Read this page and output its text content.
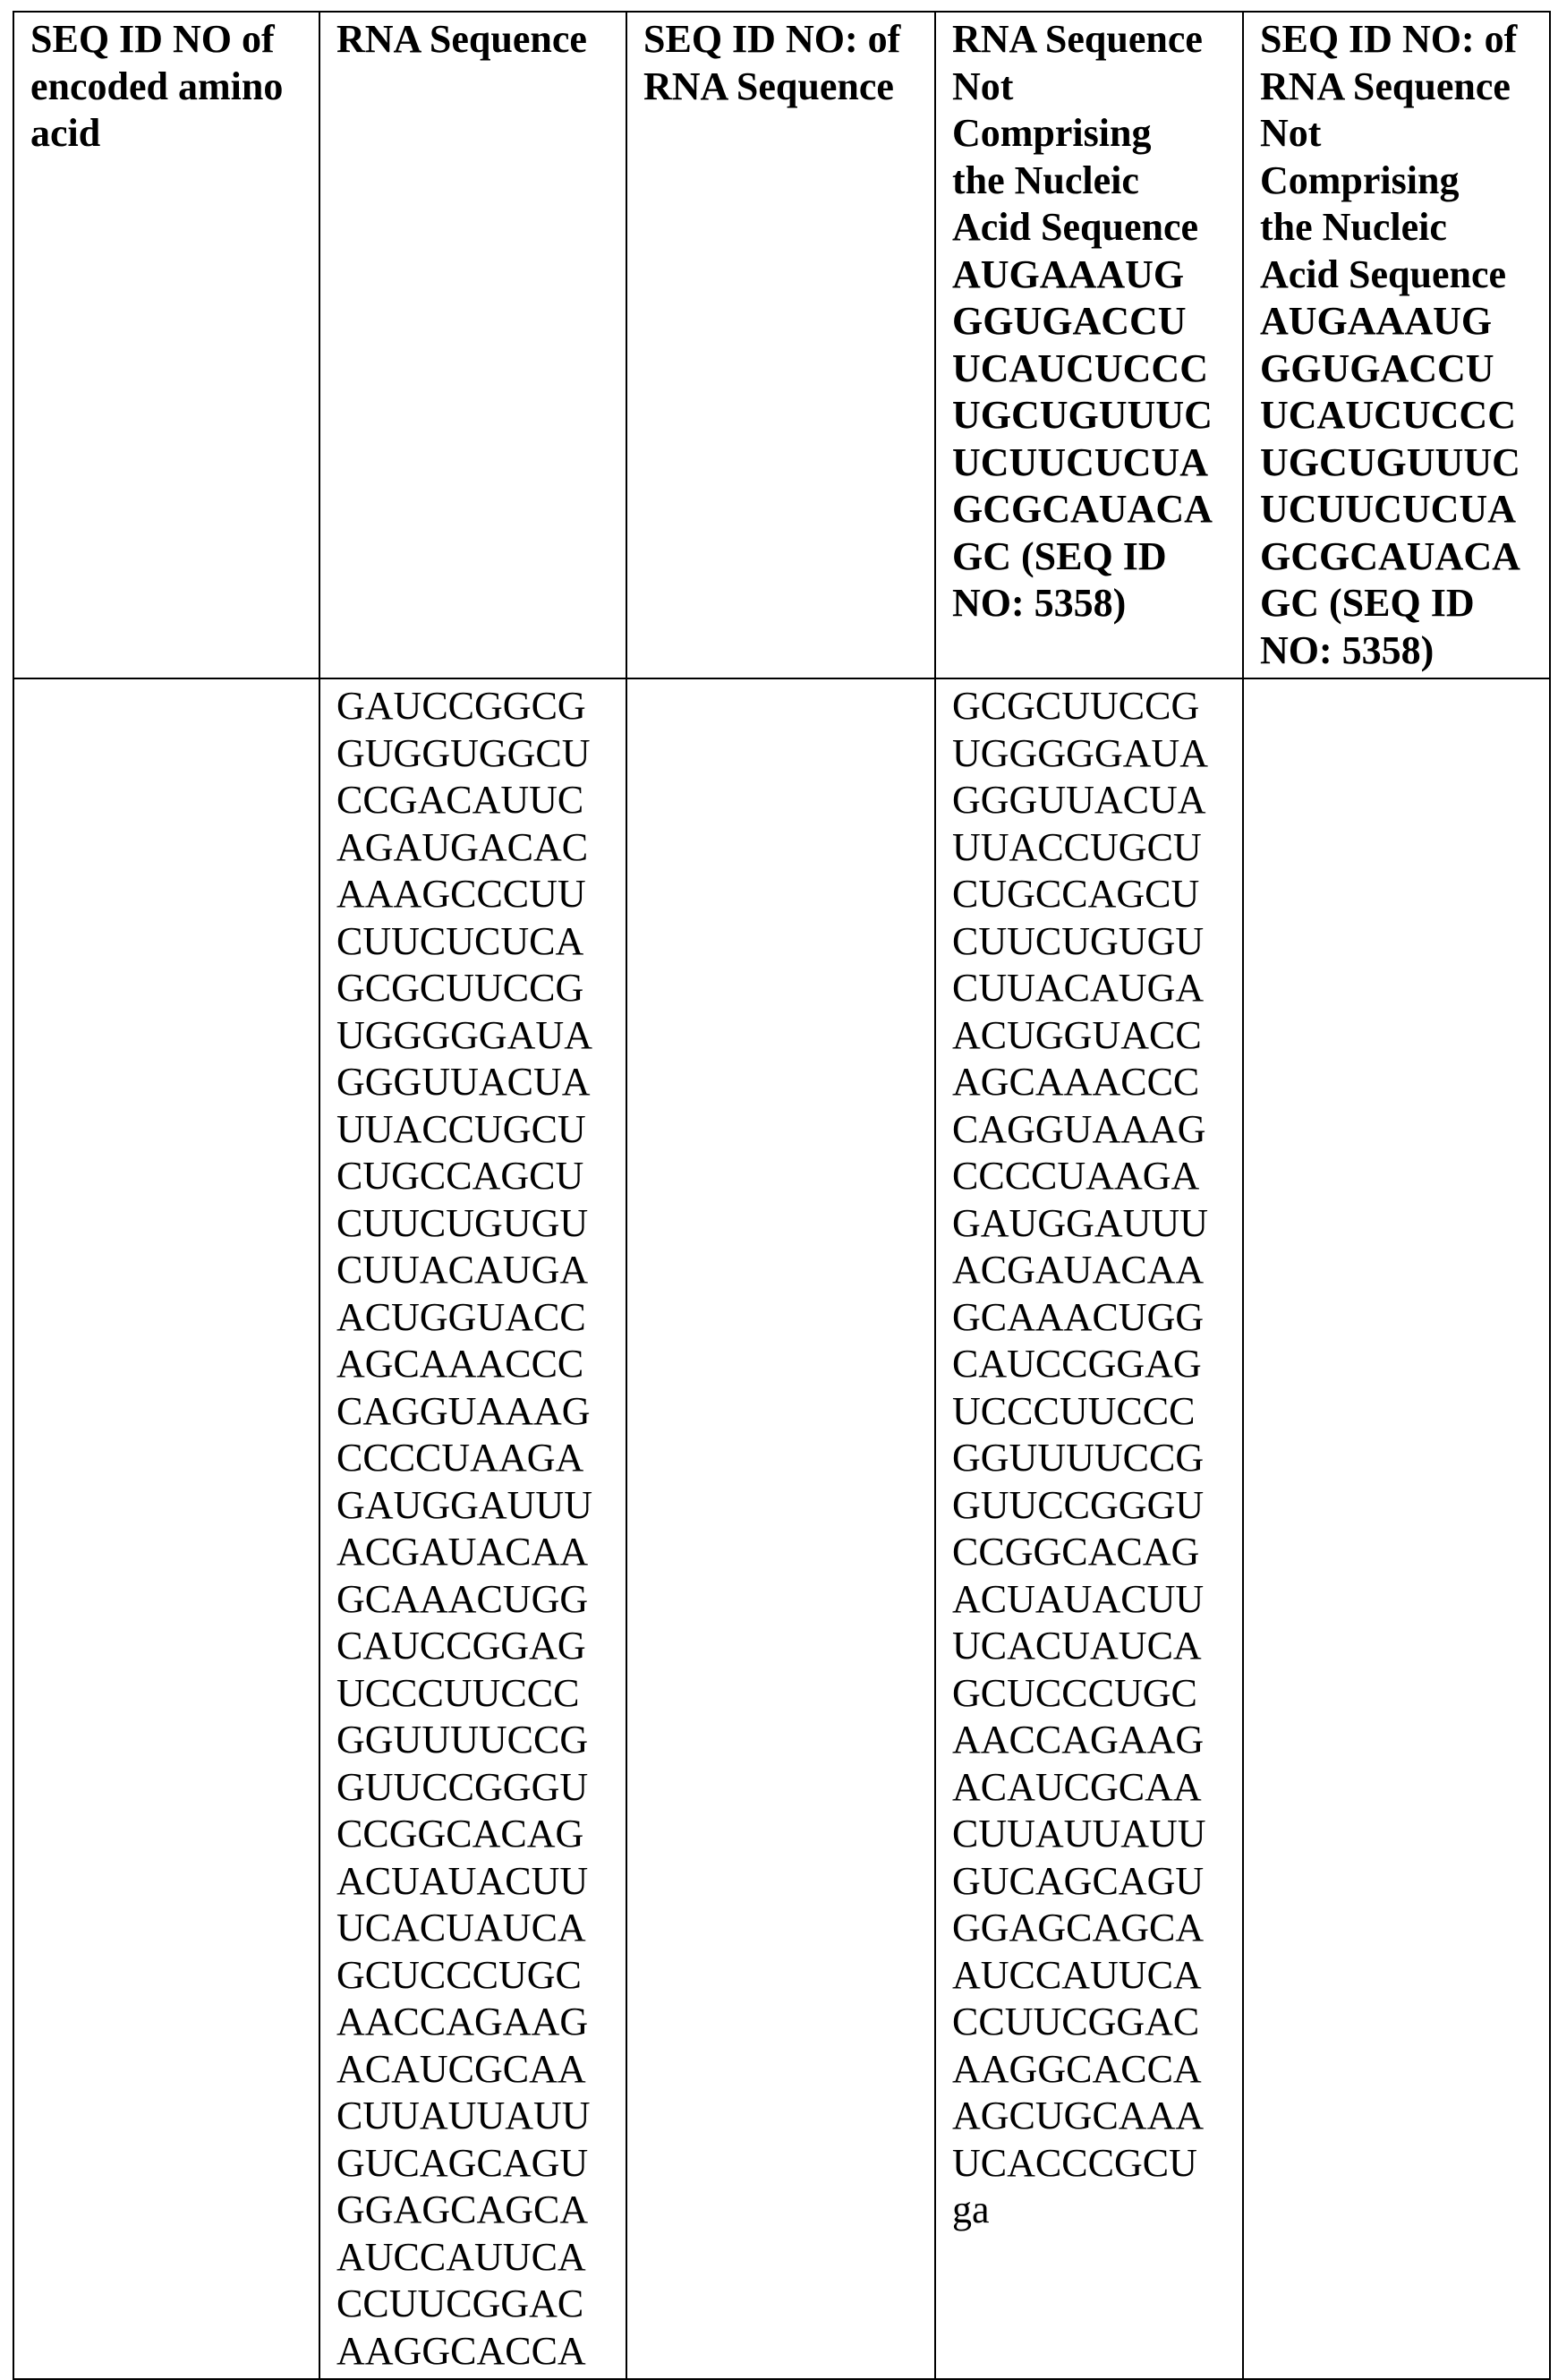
SEQ ID NO of
encoded amino
acid

RNA Sequence	SEQ ID NO: of
RNA Sequence

RNA Sequence
Not
Comprising
the Nucleic
Acid Sequence
AUGAAAUG
GGUGACCU
UCAUCUCCC
UGCUGUUUC
UCUUCUCUA
GCGCAUACA
GC (SEQ ID
NO: 5358)

SEQ ID NO: of
RNA Sequence
Not
Comprising
the Nucleic
Acid Sequence
AUGAAAUG
GGUGACCU
UCAUCUCCC
UGCUGUUUC
UCUUCUCUA
GCGCAUACA
GC (SEQ ID
NO: 5358)

GAUCCGGCG
GUGGUGGCU
CCGACAUUC
AGAUGACAC
AAAGCCCUU
CUUCUCUCA
GCGCUUCCG
UGGGGGAUA
GGGUUACUA
UUACCUGCU
CUGCCAGCU
CUUCUGUGU
CUUACAUGA
ACUGGUACC
AGCAAACCC
CAGGUAAAG
CCCCUAAGA
GAUGGAUUU
ACGAUACAA
GCAAACUGG
CAUCCGGAG
UCCCUUCCC
GGUUUUCCG
GUUCCGGGU
CCGGCACAG
ACUAUACUU
UCACUAUCA
GCUCCCUGC
AACCAGAAG
ACAUCGCAA
CUUAUUAUU
GUCAGCAGU
GGAGCAGCA
AUCCAUUCA
CCUUCGGAC
AAGGCACCA

GCGCUUCCG
UGGGGGAUA
GGGUUACUA
UUACCUGCU
CUGCCAGCU
CUUCUGUGU
CUUACAUGA
ACUGGUACC
AGCAAACCC
CAGGUAAAG
CCCCUAAGA
GAUGGAUUU
ACGAUACAA
GCAAACUGG
CAUCCGGAG
UCCCUUCCC
GGUUUUCCG
GUUCCGGGU
CCGGCACAG
ACUAUACUU
UCACUAUCA
GCUCCCUGC
AACCAGAAG
ACAUCGCAA
CUUAUUAUU
GUCAGCAGU
GGAGCAGCA
AUCCAUUCA
CCUUCGGAC
AAGGCACCA
AGCUGCAAA
UCACCCGCU
ga
